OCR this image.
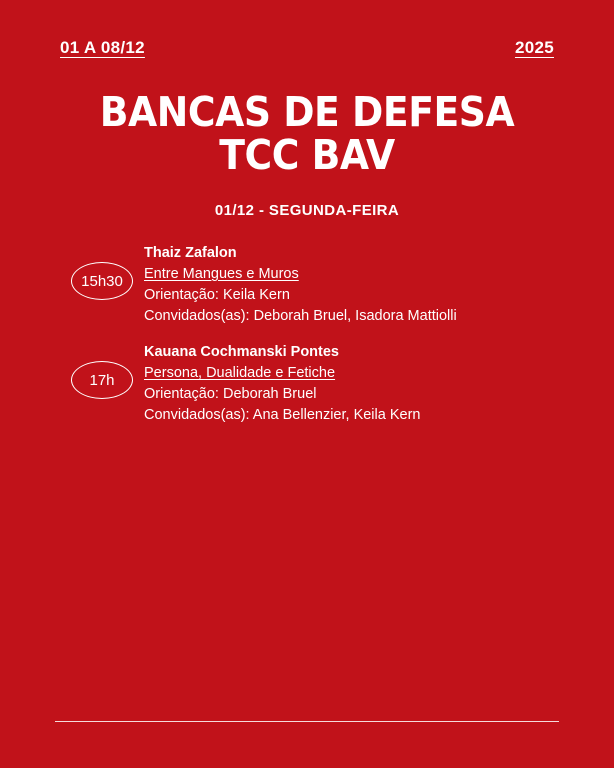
01 A 08/12	2025
BANCAS DE DEFESA
TCC BAV
01/12 - SEGUNDA-FEIRA
15h30
Thaiz Zafalon
Entre Mangues e Muros
Orientação: Keila Kern
Convidados(as): Deborah Bruel, Isadora Mattiolli
17h
Kauana Cochmanski Pontes
Persona, Dualidade e Fetiche
Orientação: Deborah Bruel
Convidados(as): Ana Bellenzier, Keila Kern
